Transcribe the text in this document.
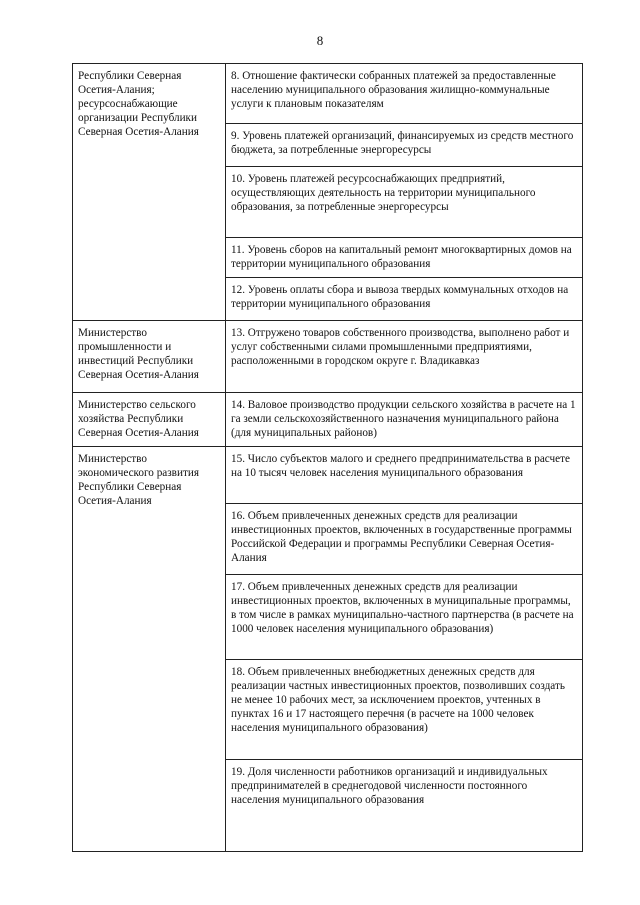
8
Республики Северная Осетия-Алания; ресурсоснабжающие организации Республики Северная Осетия-Алания	8. Отношение фактически собранных платежей за предоставленные населению муниципального образования жилищно-коммунальные услуги к плановым показателям

	9. Уровень платежей организаций, финансируемых из средств местного бюджета, за потребленные энергоресурсы

	10. Уровень платежей ресурсоснабжающих предприятий, осуществляющих деятельность на территории муниципального образования, за потребленные энергоресурсы

	11. Уровень сборов на капитальный ремонт многоквартирных домов на территории муниципального образования

	12. Уровень оплаты сбора и вывоза твердых коммунальных отходов на территории муниципального образования

Министерство промышленности и инвестиций Республики Северная Осетия-Алания	13. Отгружено товаров собственного производства, выполнено работ и услуг собственными силами промышленными предприятиями, расположенными в городском округе г. Владикавказ

Министерство сельского хозяйства Республики Северная Осетия-Алания	14. Валовое производство продукции сельского хозяйства в расчете на 1 га земли сельскохозяйственного назначения муниципального района (для муниципальных районов)

Министерство экономического развития Республики Северная Осетия-Алания	15. Число субъектов малого и среднего предпринимательства в расчете на 10 тысяч человек населения муниципального образования

	16. Объем привлеченных денежных средств для реализации инвестиционных проектов, включенных в государственные программы Российской Федерации и программы Республики Северная Осетия-Алания

	17. Объем привлеченных денежных средств для реализации инвестиционных проектов, включенных в муниципальные программы, в том числе в рамках муниципально-частного партнерства (в расчете на 1000 человек населения муниципального образования)

	18. Объем привлеченных внебюджетных денежных средств для реализации частных инвестиционных проектов, позволивших создать не менее 10 рабочих мест, за исключением проектов, учтенных в пунктах 16 и 17 настоящего перечня (в расчете на 1000 человек населения муниципального образования)

	19. Доля численности работников организаций и индивидуальных предпринимателей в среднегодовой численности постоянного населения муниципального образования
